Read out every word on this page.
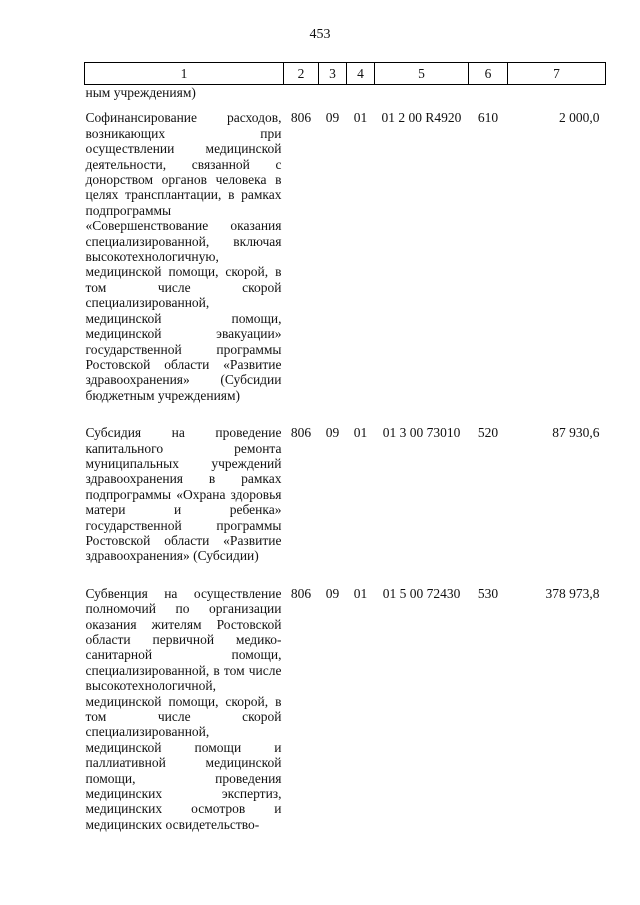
453
1	2	3	4	5	6	7
ным учреждениям)						
Софинансирование расходов, возникающих при осуществлении медицинской деятельности, связанной с донорством органов человека в целях трансплантации, в рамках подпрограммы «Совершенствование оказания специализированной, включая высокотехнологичную, медицинской помощи, скорой, в том числе скорой специализированной, медицинской помощи, медицинской эвакуации» государственной программы Ростовской области «Развитие здравоохранения» (Субсидии бюджетным учреждениям)	806	09	01	01 2 00 R4920	610	2 000,0
Субсидия на проведение капитального ремонта муниципальных учреждений здравоохранения в рамках подпрограммы «Охрана здоровья матери и ребенка» государственной программы Ростовской области «Развитие здравоохранения» (Субсидии)	806	09	01	01 3 00 73010	520	87 930,6
Субвенция на осуществление полномочий по организации оказания жителям Ростовской области первичной медико-санитарной помощи, специализированной, в том числе высокотехнологичной, медицинской помощи, скорой, в том числе скорой специализированной, медицинской помощи и паллиативной медицинской помощи, проведения медицинских экспертиз, медицинских осмотров и медицинских освидетельство-	806	09	01	01 5 00 72430	530	378 973,8
